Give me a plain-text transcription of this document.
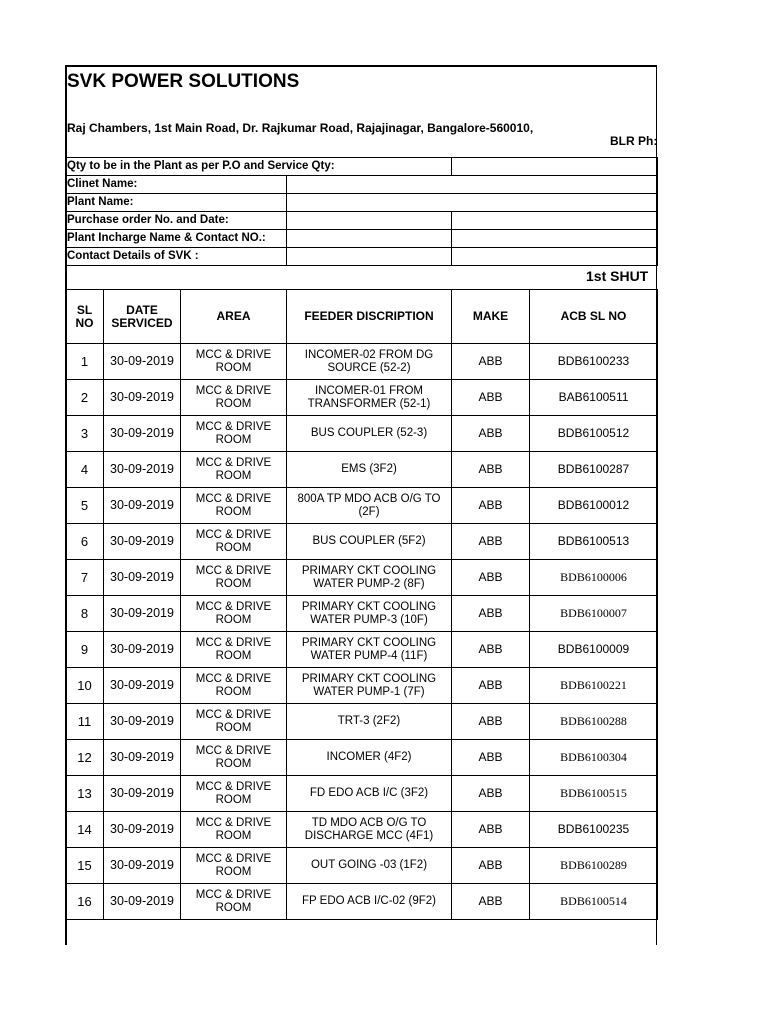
SVK POWER SOLUTIONS
Raj Chambers, 1st Main Road, Dr. Rajkumar Road, Rajajinagar, Bangalore-560010,
BLR Ph:
Qty to be in the Plant as per P.O and Service Qty:		
Clinet Name:		
Plant Name:		
Purchase order No. and Date:		
Plant Incharge Name & Contact NO.:		
Contact Details of SVK :		
1st SHUT
SL NO	DATE SERVICED	AREA	FEEDER DISCRIPTION	MAKE	ACB SL NO
1	30-09-2019	MCC & DRIVE ROOM	INCOMER-02 FROM DG SOURCE (52-2)	ABB	BDB6100233
2	30-09-2019	MCC & DRIVE ROOM	INCOMER-01 FROM TRANSFORMER (52-1)	ABB	BAB6100511
3	30-09-2019	MCC & DRIVE ROOM	BUS COUPLER (52-3)	ABB	BDB6100512
4	30-09-2019	MCC & DRIVE ROOM	EMS (3F2)	ABB	BDB6100287
5	30-09-2019	MCC & DRIVE ROOM	800A TP MDO ACB O/G TO (2F)	ABB	BDB6100012
6	30-09-2019	MCC & DRIVE ROOM	BUS COUPLER (5F2)	ABB	BDB6100513
7	30-09-2019	MCC & DRIVE ROOM	PRIMARY CKT COOLING WATER PUMP-2 (8F)	ABB	BDB6100006
8	30-09-2019	MCC & DRIVE ROOM	PRIMARY CKT COOLING WATER PUMP-3 (10F)	ABB	BDB6100007
9	30-09-2019	MCC & DRIVE ROOM	PRIMARY CKT COOLING WATER PUMP-4 (11F)	ABB	BDB6100009
10	30-09-2019	MCC & DRIVE ROOM	PRIMARY CKT COOLING WATER PUMP-1 (7F)	ABB	BDB6100221
11	30-09-2019	MCC & DRIVE ROOM	TRT-3 (2F2)	ABB	BDB6100288
12	30-09-2019	MCC & DRIVE ROOM	INCOMER (4F2)	ABB	BDB6100304
13	30-09-2019	MCC & DRIVE ROOM	FD EDO ACB I/C (3F2)	ABB	BDB6100515
14	30-09-2019	MCC & DRIVE ROOM	TD MDO ACB O/G TO DISCHARGE MCC (4F1)	ABB	BDB6100235
15	30-09-2019	MCC & DRIVE ROOM	OUT GOING -03 (1F2)	ABB	BDB6100289
16	30-09-2019	MCC & DRIVE ROOM	FP EDO ACB I/C-02 (9F2)	ABB	BDB6100514
